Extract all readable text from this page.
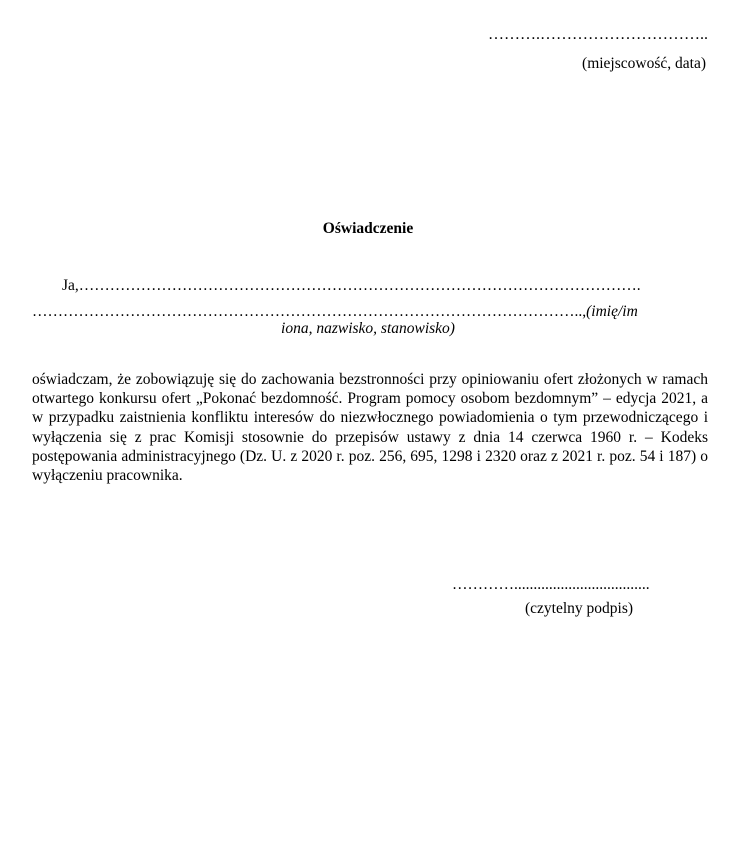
……….…………………………..
(miejscowość, data)
Oświadczenie
Ja,……………………………………………………………………………………………….
……………………………………………………………………………………………..,(imię/im
iona, nazwisko, stanowisko)
oświadczam, że zobowiązuję się do zachowania bezstronności przy opiniowaniu ofert złożonych w ramach otwartego konkursu ofert „Pokonać bezdomność. Program pomocy osobom bezdomnym” – edycja 2021, a w przypadku zaistnienia konfliktu interesów do niezwłocznego powiadomienia o tym przewodniczącego i wyłączenia się z prac Komisji stosownie do przepisów ustawy z dnia 14 czerwca 1960 r. – Kodeks postępowania administracyjnego (Dz. U. z 2020 r. poz. 256, 695, 1298 i 2320 oraz z 2021 r. poz. 54 i 187) o wyłączeniu pracownika.
…………...................................
(czytelny podpis)
